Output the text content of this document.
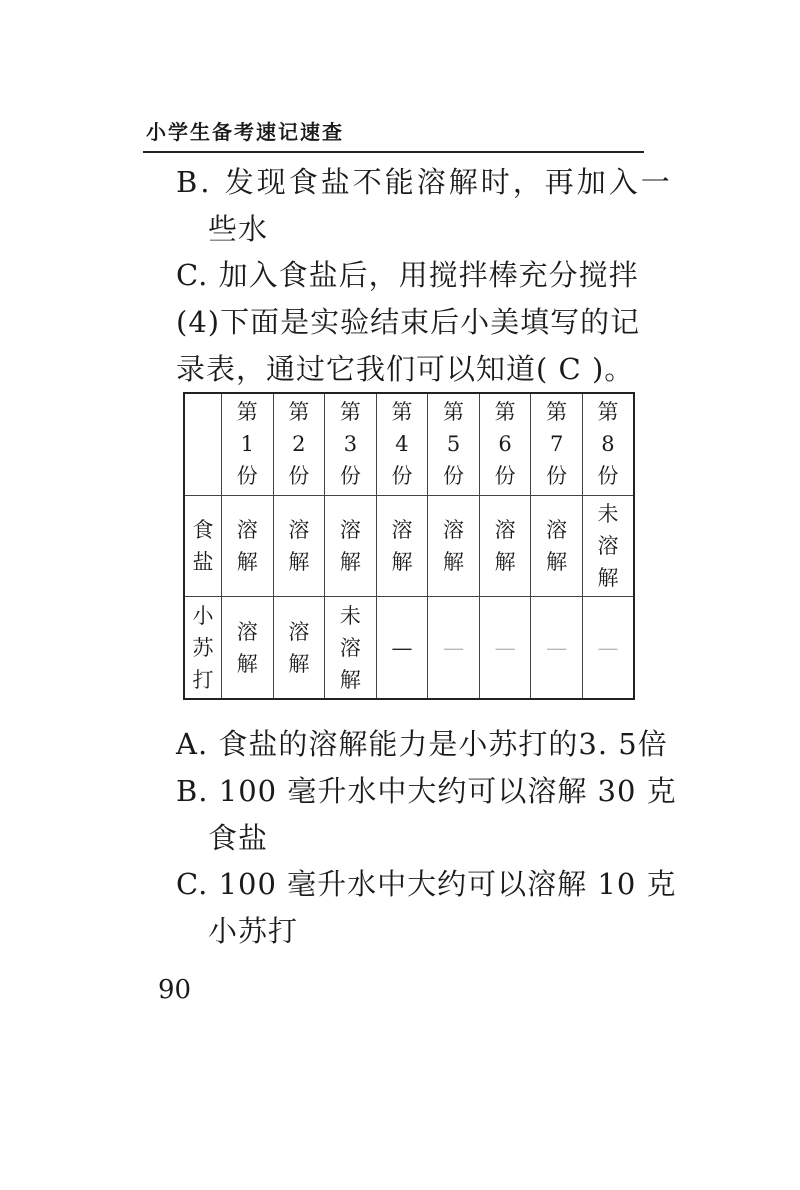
小学生备考速记速查
B. 发现食盐不能溶解时，再加入一
些水
C. 加入食盐后，用搅拌棒充分搅拌
(4)下面是实验结束后小美填写的记
录表，通过它我们可以知道( C )。

	第
1
份	第
2
份	第
3
份	第
4
份	第
5
份	第
6
份	第
7
份	第
8
份

食
盐	溶
解	溶
解	溶
解	溶
解	溶
解	溶
解	溶
解	未
溶
解

小
苏
打	溶
解	溶
解	未
溶
解	—	—	—	—	—
A. 食盐的溶解能力是小苏打的3. 5倍
B. 100 毫升水中大约可以溶解 30 克
食盐
C. 100 毫升水中大约可以溶解 10 克
小苏打
90
